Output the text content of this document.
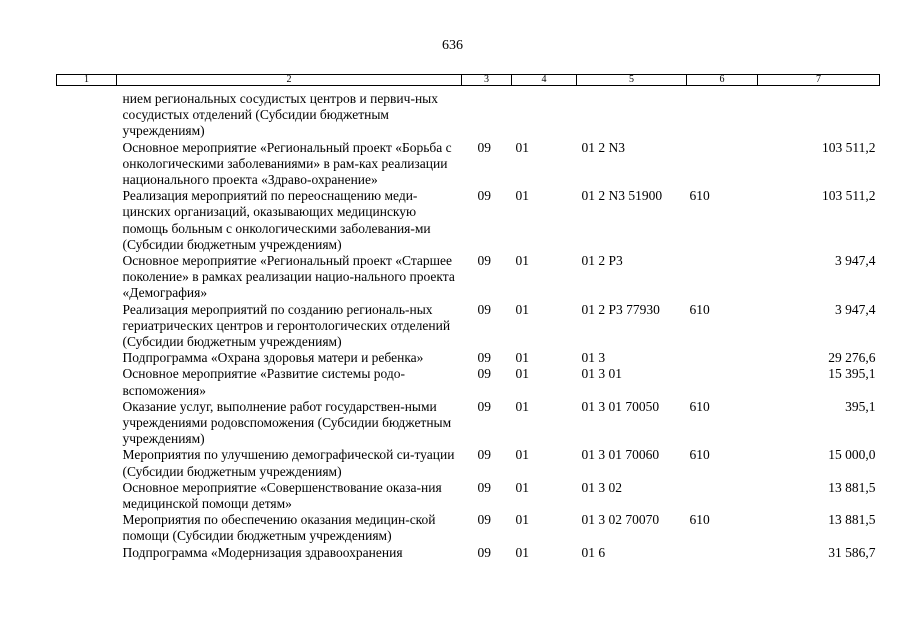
636
1	2	3	4	5	6	7
	нием региональных сосудистых центров и первич-ных сосудистых отделений (Субсидии бюджетным учреждениям)					
	Основное мероприятие «Региональный проект «Борьба с онкологическими заболеваниями» в рам-ках реализации национального проекта «Здраво-охранение»	09	01	01 2 N3		103 511,2
	Реализация мероприятий по переоснащению меди-цинских организаций, оказывающих медицинскую помощь больным с онкологическими заболевания-ми (Субсидии бюджетным учреждениям)	09	01	01 2 N3 51900	610	103 511,2
	Основное мероприятие «Региональный проект «Старшее поколение» в рамках реализации нацио-нального проекта «Демография»	09	01	01 2 P3		3 947,4
	Реализация мероприятий по созданию региональ-ных гериатрических центров и геронтологических отделений (Субсидии бюджетным учреждениям)	09	01	01 2 P3 77930	610	3 947,4
	Подпрограмма «Охрана здоровья матери и ребенка»	09	01	01 3		29 276,6
	Основное мероприятие «Развитие системы родо-вспоможения»	09	01	01 3 01		15 395,1
	Оказание услуг, выполнение работ государствен-ными учреждениями родовспоможения (Субсидии бюджетным учреждениям)	09	01	01 3 01 70050	610	395,1
	Мероприятия по улучшению демографической си-туации (Субсидии бюджетным учреждениям)	09	01	01 3 01 70060	610	15 000,0
	Основное мероприятие «Совершенствование оказа-ния медицинской помощи детям»	09	01	01 3 02		13 881,5
	Мероприятия по обеспечению оказания медицин-ской помощи (Субсидии бюджетным учреждениям)	09	01	01 3 02 70070	610	13 881,5
	Подпрограмма «Модернизация здравоохранения	09	01	01 6		31 586,7
